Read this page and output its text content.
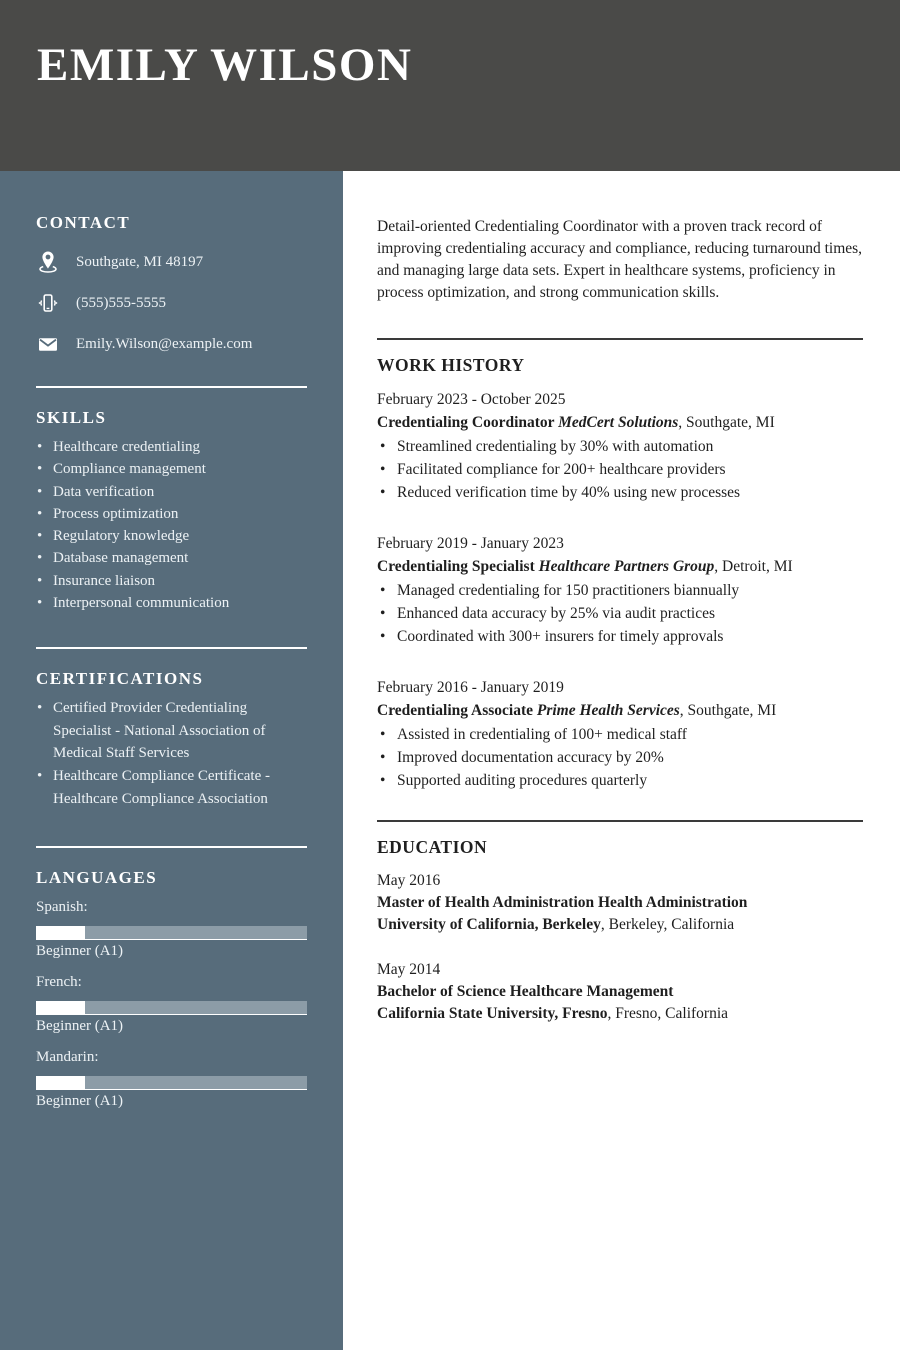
EMILY WILSON
CONTACT
Southgate, MI 48197
(555)555-5555
Emily.Wilson@example.com
SKILLS
• Healthcare credentialing
• Compliance management
• Data verification
• Process optimization
• Regulatory knowledge
• Database management
• Insurance liaison
• Interpersonal communication
CERTIFICATIONS
• Certified Provider Credentialing Specialist - National Association of Medical Staff Services
• Healthcare Compliance Certificate - Healthcare Compliance Association
LANGUAGES
Spanish:
Beginner (A1)
French:
Beginner (A1)
Mandarin:
Beginner (A1)

Detail-oriented Credentialing Coordinator with a proven track record of improving credentialing accuracy and compliance, reducing turnaround times, and managing large data sets. Expert in healthcare systems, proficiency in process optimization, and strong communication skills.

WORK HISTORY
February 2023 - October 2025
Credentialing Coordinator MedCert Solutions, Southgate, MI
• Streamlined credentialing by 30% with automation
• Facilitated compliance for 200+ healthcare providers
• Reduced verification time by 40% using new processes
February 2019 - January 2023
Credentialing Specialist Healthcare Partners Group, Detroit, MI
• Managed credentialing for 150 practitioners biannually
• Enhanced data accuracy by 25% via audit practices
• Coordinated with 300+ insurers for timely approvals
February 2016 - January 2019
Credentialing Associate Prime Health Services, Southgate, MI
• Assisted in credentialing of 100+ medical staff
• Improved documentation accuracy by 20%
• Supported auditing procedures quarterly
EDUCATION
May 2016
Master of Health Administration Health Administration
University of California, Berkeley, Berkeley, California
May 2014
Bachelor of Science Healthcare Management
California State University, Fresno, Fresno, California
